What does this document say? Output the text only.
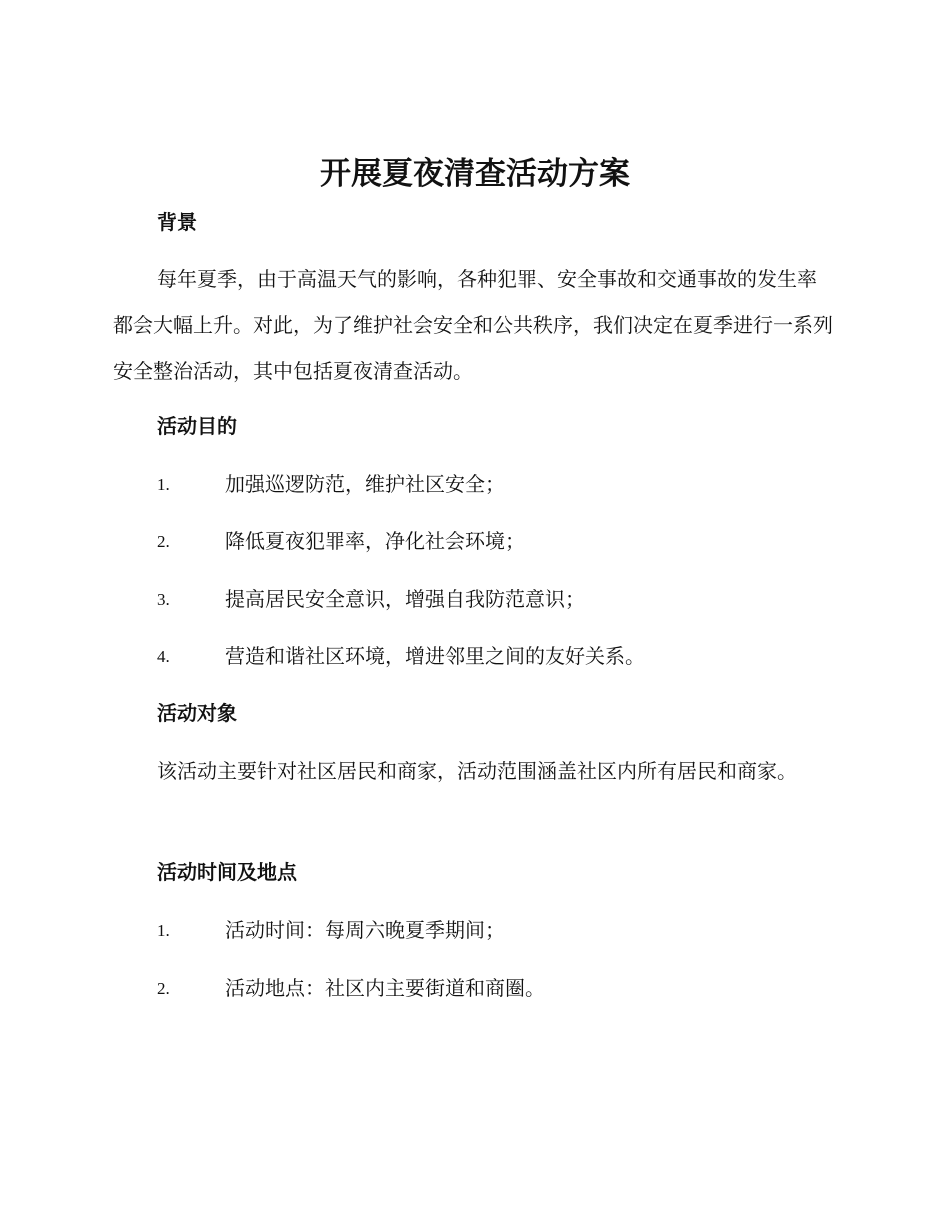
开展夏夜清查活动方案
背景

每年夏季，由于高温天气的影响，各种犯罪、安全事故和交通事故的发生率都会大幅上升。对此，为了维护社会安全和公共秩序，我们决定在夏季进行一系列安全整治活动，其中包括夏夜清查活动。

活动目的
1.	加强巡逻防范，维护社区安全；
2.	降低夏夜犯罪率，净化社会环境；
3.	提高居民安全意识，增强自我防范意识；
4.	营造和谐社区环境，增进邻里之间的友好关系。
活动对象

该活动主要针对社区居民和商家，活动范围涵盖社区内所有居民和商家。

活动时间及地点
1.	活动时间：每周六晚夏季期间；
2.	活动地点：社区内主要街道和商圈。
